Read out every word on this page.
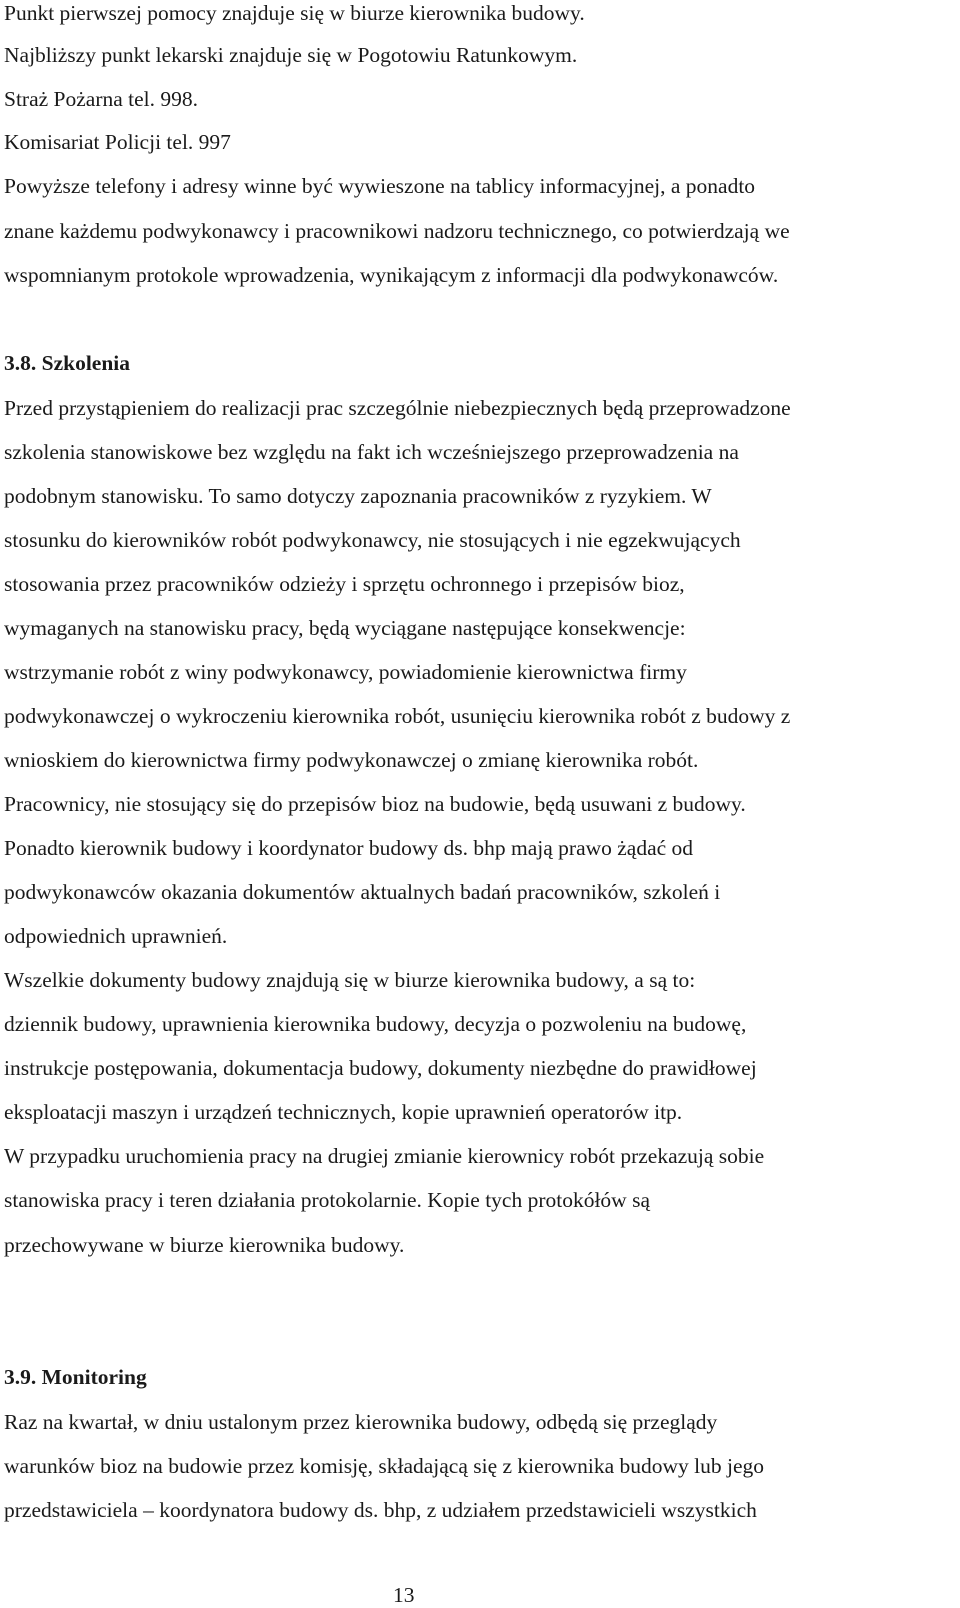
Punkt pierwszej pomocy znajduje się w biurze kierownika budowy.
Najbliższy punkt lekarski znajduje się w Pogotowiu Ratunkowym.
Straż Pożarna tel. 998.
Komisariat Policji tel. 997
Powyższe telefony i adresy winne być wywieszone na tablicy informacyjnej, a ponadto
znane każdemu podwykonawcy i pracownikowi nadzoru technicznego, co potwierdzają we
wspomnianym protokole wprowadzenia, wynikającym z informacji dla podwykonawców.
3.8. Szkolenia
Przed przystąpieniem do realizacji prac szczególnie niebezpiecznych będą przeprowadzone
szkolenia stanowiskowe bez względu na fakt ich wcześniejszego przeprowadzenia na
podobnym stanowisku. To samo dotyczy zapoznania pracowników z ryzykiem. W
stosunku do kierowników robót podwykonawcy, nie stosujących i nie egzekwujących
stosowania przez pracowników odzieży i sprzętu ochronnego i przepisów bioz,
wymaganych na stanowisku pracy, będą wyciągane następujące konsekwencje:
wstrzymanie robót z winy podwykonawcy, powiadomienie kierownictwa firmy
podwykonawczej o wykroczeniu kierownika robót, usunięciu kierownika robót z budowy z
wnioskiem do kierownictwa firmy podwykonawczej o zmianę kierownika robót.
Pracownicy, nie stosujący się do przepisów bioz na budowie, będą usuwani z budowy.
Ponadto kierownik budowy i koordynator budowy ds. bhp mają prawo żądać od
podwykonawców okazania dokumentów aktualnych badań pracowników, szkoleń i
odpowiednich uprawnień.
Wszelkie dokumenty budowy znajdują się w biurze kierownika budowy, a są to:
dziennik budowy, uprawnienia kierownika budowy, decyzja o pozwoleniu na budowę,
instrukcje postępowania, dokumentacja budowy, dokumenty niezbędne do prawidłowej
eksploatacji maszyn i urządzeń technicznych, kopie uprawnień operatorów itp.
W przypadku uruchomienia pracy na drugiej zmianie kierownicy robót przekazują sobie
stanowiska pracy i teren działania protokolarnie. Kopie tych protokółów są
przechowywane w biurze kierownika budowy.
3.9. Monitoring
Raz na kwartał, w dniu ustalonym przez kierownika budowy, odbędą się przeglądy
warunków bioz na budowie przez komisję, składającą się z kierownika budowy lub jego
przedstawiciela – koordynatora budowy ds. bhp, z udziałem przedstawicieli wszystkich
13
